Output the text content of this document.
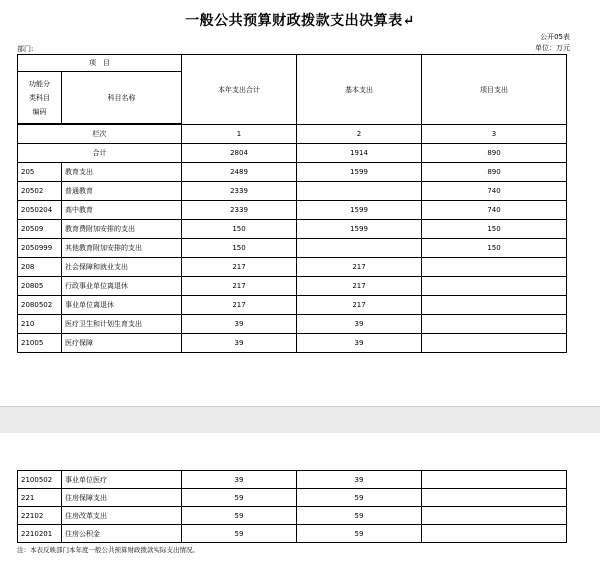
一般公共预算财政拨款支出决算表↵
公开05表
单位：万元
部门:
项　目		本年支出合计	基本支出	项目支出

功能分
类科目
编码	科目名称			

栏次		1	2	3
合计		2804	1914	890
205	教育支出	2489	1599	890
20502	普通教育	2339		740
2050204	高中教育	2339	1599	740
20509	教育费附加安排的支出	150	1599	150
2050999	其他教育附加安排的支出	150		150
208	社会保障和就业支出	217	217	
20805	行政事业单位离退休	217	217	
2080502	事业单位离退休	217	217	
210	医疗卫生和计划生育支出	39	39	
21005	医疗保障	39	39	
2100502	事业单位医疗	39	39	
221	住房保障支出	59	59	
22102	住房改革支出	59	59	
2210201	住房公积金	59	59	
注：本表反映部门本年度一般公共预算财政拨款实际支出情况。
